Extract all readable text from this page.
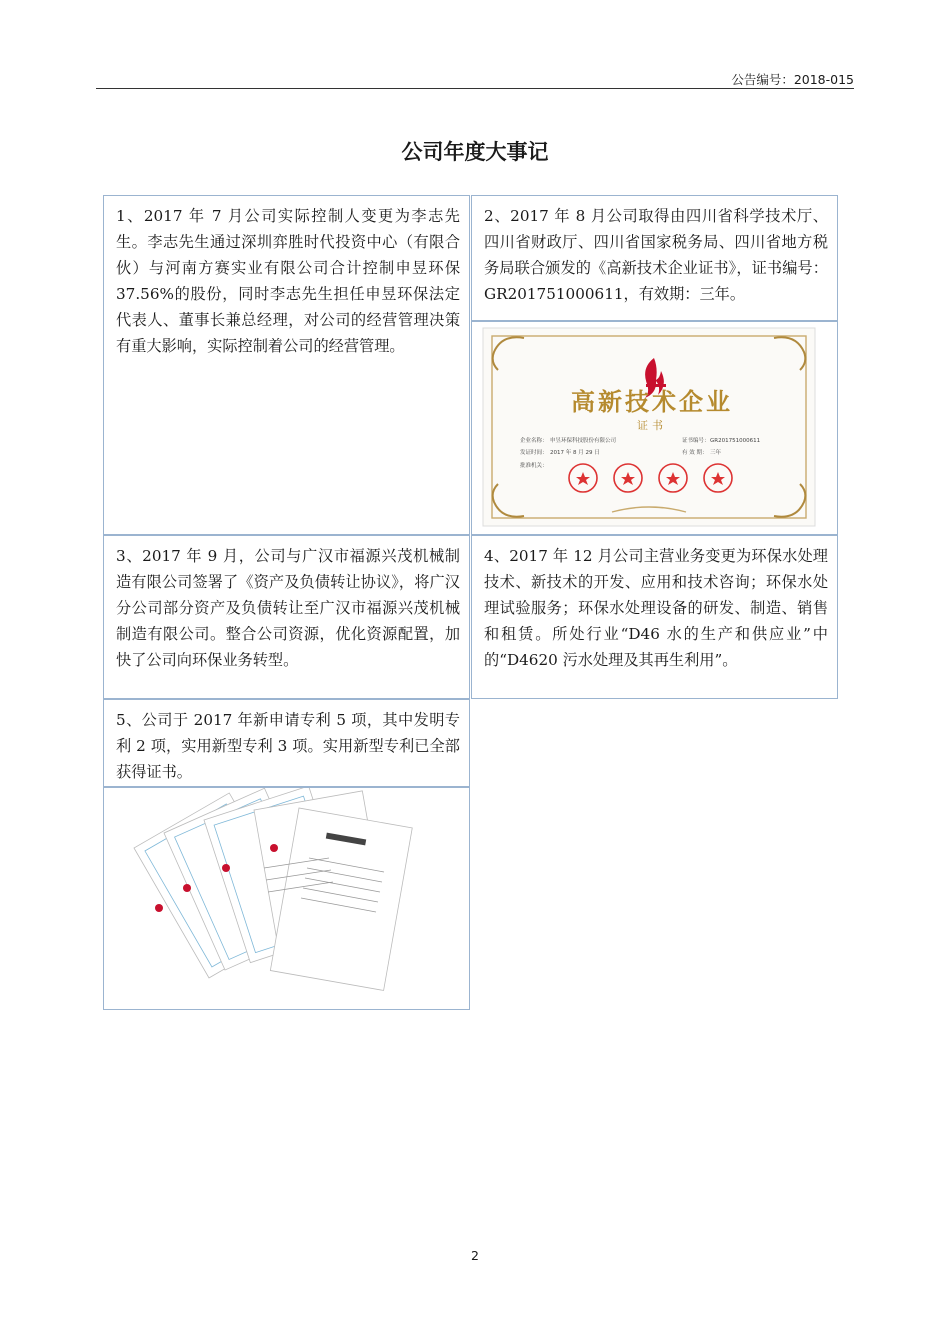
公告编号：2018-015
公司年度大事记
1、2017 年 7 月公司实际控制人变更为李志先生。李志先生通过深圳弈胜时代投资中心（有限合伙）与河南方赛实业有限公司合计控制申昱环保 37.56%的股份，同时李志先生担任申昱环保法定代表人、董事长兼总经理，对公司的经营管理决策有重大影响，实际控制着公司的经营管理。
2、2017 年 8 月公司取得由四川省科学技术厅、四川省财政厅、四川省国家税务局、四川省地方税务局联合颁发的《高新技术企业证书》，证书编号：GR201751000611，有效期：三年。
高新技术企业
证书
企业名称： 申昱环保科技股份有限公司	证书编号： GR201751000611
发证时间： 2017 年 8 月 29 日	有 效 期： 三年
批准机关：
3、2017 年 9 月，公司与广汉市福源兴茂机械制造有限公司签署了《资产及负债转让协议》，将广汉分公司部分资产及负债转让至广汉市福源兴茂机械制造有限公司。整合公司资源，优化资源配置，加快了公司向环保业务转型。
4、2017 年 12 月公司主营业务变更为环保水处理技术、新技术的开发、应用和技术咨询；环保水处理试验服务；环保水处理设备的研发、制造、销售和租赁。所处行业“D46 水的生产和供应业”中的“D4620 污水处理及其再生利用”。
5、公司于 2017 年新申请专利 5 项，其中发明专利 2 项，实用新型专利 3 项。实用新型专利已全部获得证书。
2
